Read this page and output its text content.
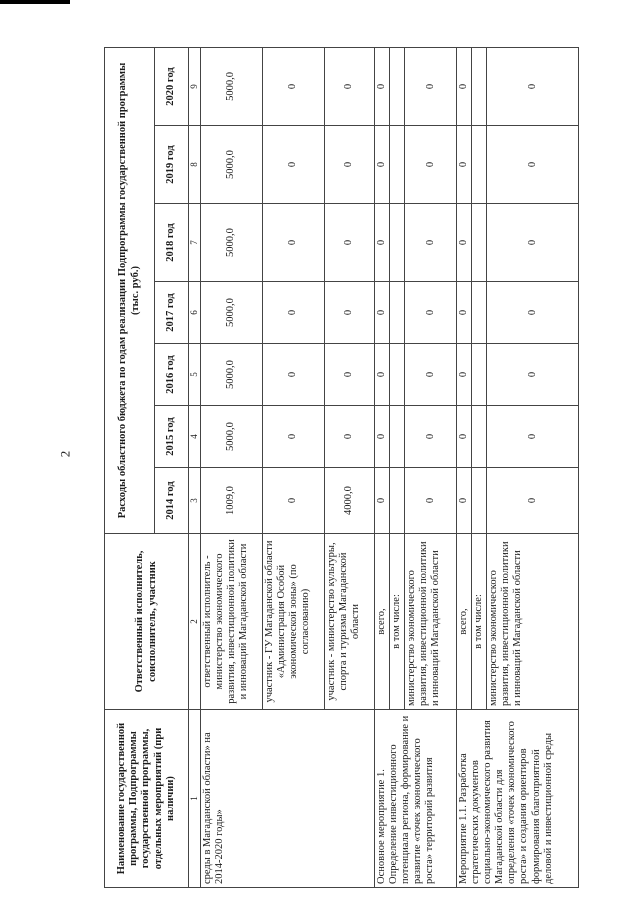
2
Наименование государственной программы, Подпрограммы государственной программы, отдельных мероприятий (при наличии)	Ответственный исполнитель, соисполнитель, участник	Расходы областного бюджета по годам реализации Подпрограммы государственной программы (тыс. руб.)						
		2014 год	2015 год	2016 год	2017 год	2018 год	2019 год	2020 год
1	2	3	4	5	6	7	8	9
среды в Магаданской области» на 2014-2020 годы»	ответственный исполнитель - министерство экономического развития, инвестиционной политики и инноваций Магаданской области	1009,0	5000,0	5000,0	5000,0	5000,0	5000,0	5000,0
	участник - ГУ Магаданской области «Администрация Особой экономической зоны» (по согласованию)	0	0	0	0	0	0	0
	участник - министерство культуры, спорта и туризма Магаданской области	4000,0	0	0	0	0	0	0
Основное мероприятие 1. Определение инвестиционного потенциала региона, формирование и развитие «точек экономического роста» территорий развития	всего,	0	0	0	0	0	0	0
	в том числе:							
	министерство экономического развития, инвестиционной политики и инноваций Магаданской области	0	0	0	0	0	0	0
Мероприятие 1.1. Разработка стратегических документов социально-экономического развития Магаданской области для определения «точек экономического роста» и создания ориентиров формирования благоприятной деловой и инвестиционной среды	всего,	0	0	0	0	0	0	0
	в том числе:							
	министерство экономического развития, инвестиционной политики и инноваций Магаданской области	0	0	0	0	0	0	0
